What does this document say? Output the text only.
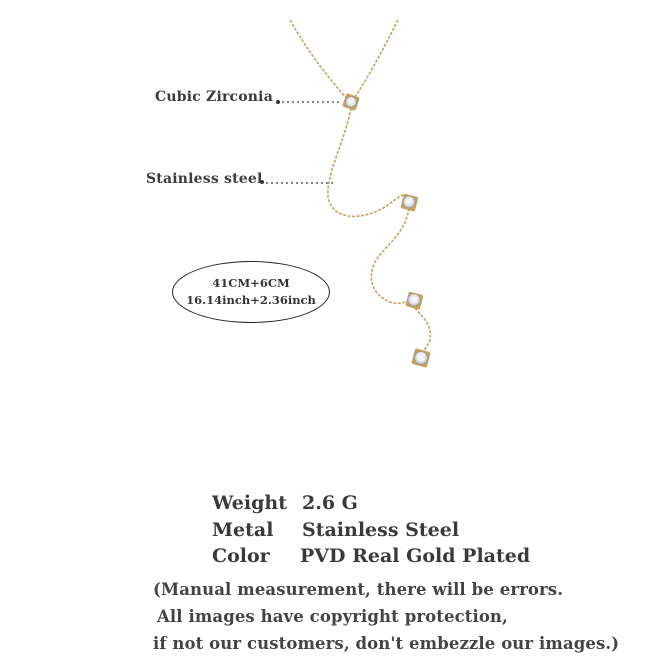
Cubic Zirconia
Stainless steel
41CM+6CM
16.14inch+2.36inch
Weight 2.6 G
Metal Stainless Steel
Color PVD Real Gold Plated
(Manual measurement, there will be errors.
All images have copyright protection,
if not our customers, don't embezzle our images.)
